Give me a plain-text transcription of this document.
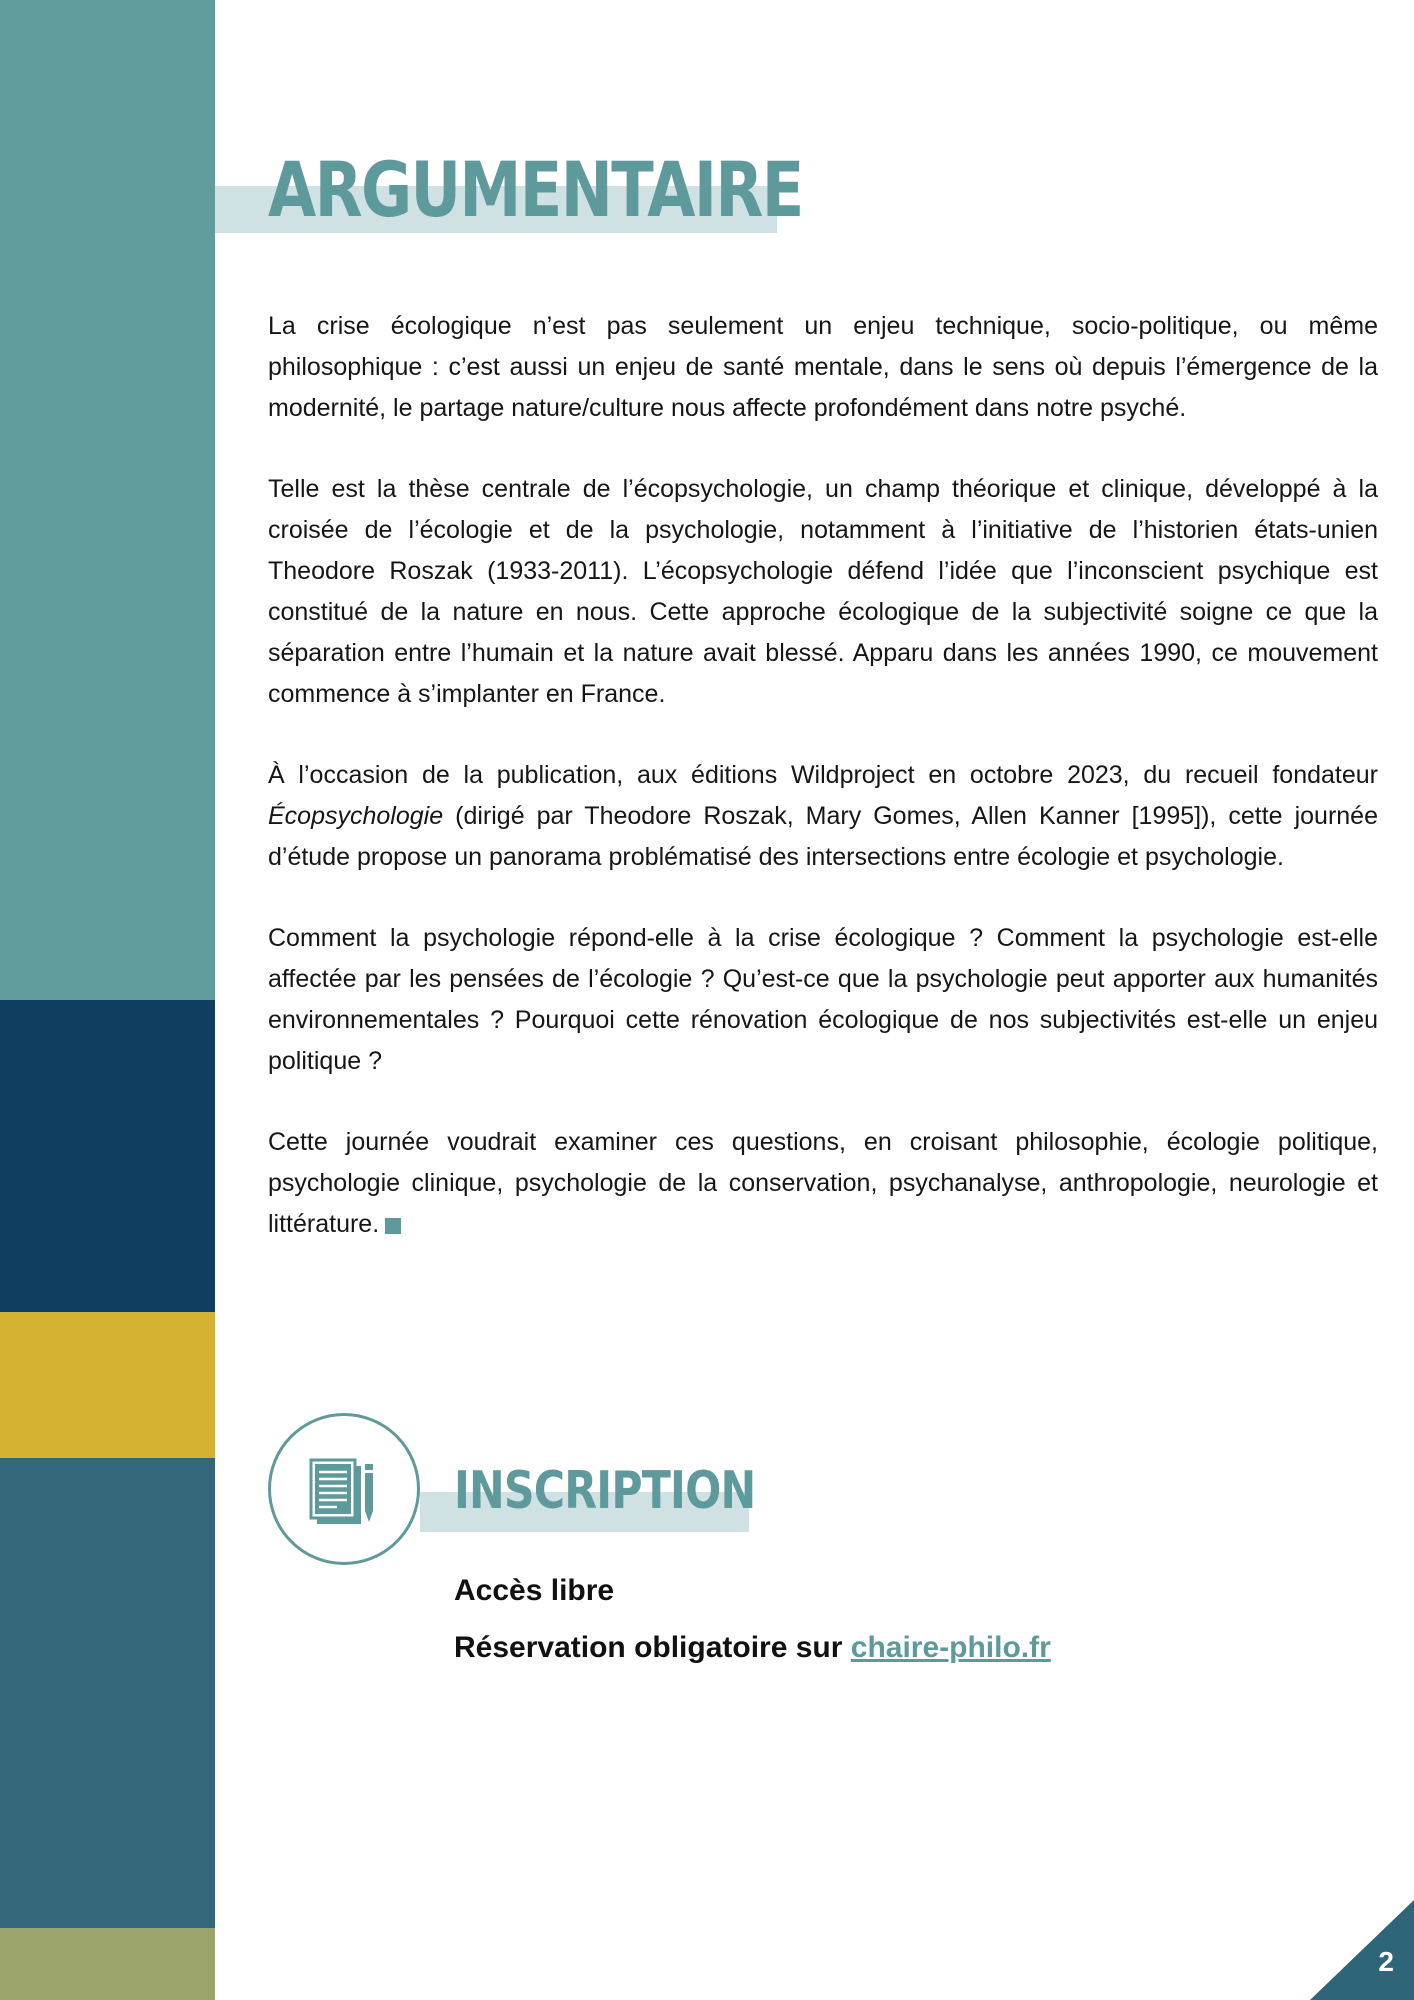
ARGUMENTAIRE

La crise écologique n’est pas seulement un enjeu technique, socio-politique, ou même philosophique : c’est aussi un enjeu de santé mentale, dans le sens où depuis l’émergence de la modernité, le partage nature/culture nous affecte profondément dans notre psyché.

Telle est la thèse centrale de l’écopsychologie, un champ théorique et clinique, développé à la croisée de l’écologie et de la psychologie, notamment à l’initiative de l’historien états-unien Theodore Roszak (1933-2011). L’écopsychologie défend l’idée que l’inconscient psychique est constitué de la nature en nous. Cette approche écologique de la subjectivité soigne ce que la séparation entre l’humain et la nature avait blessé. Apparu dans les années 1990, ce mouvement commence à s’implanter en France.

À l’occasion de la publication, aux éditions Wildproject en octobre 2023, du recueil fondateur Écopsychologie (dirigé par Theodore Roszak, Mary Gomes, Allen Kanner [1995]), cette journée d’étude propose un panorama problématisé des intersections entre écologie et psychologie.

Comment la psychologie répond-elle à la crise écologique ? Comment la psychologie est-elle affectée par les pensées de l’écologie ? Qu’est-ce que la psychologie peut apporter aux humanités environnementales ? Pourquoi cette rénovation écologique de nos subjectivités est-elle un enjeu politique ?

Cette journée voudrait examiner ces questions, en croisant philosophie, écologie politique, psychologie clinique, psychologie de la conservation, psychanalyse, anthropologie, neurologie et littérature.

INSCRIPTION
Accès libre
Réservation obligatoire sur chaire-philo.fr
2
